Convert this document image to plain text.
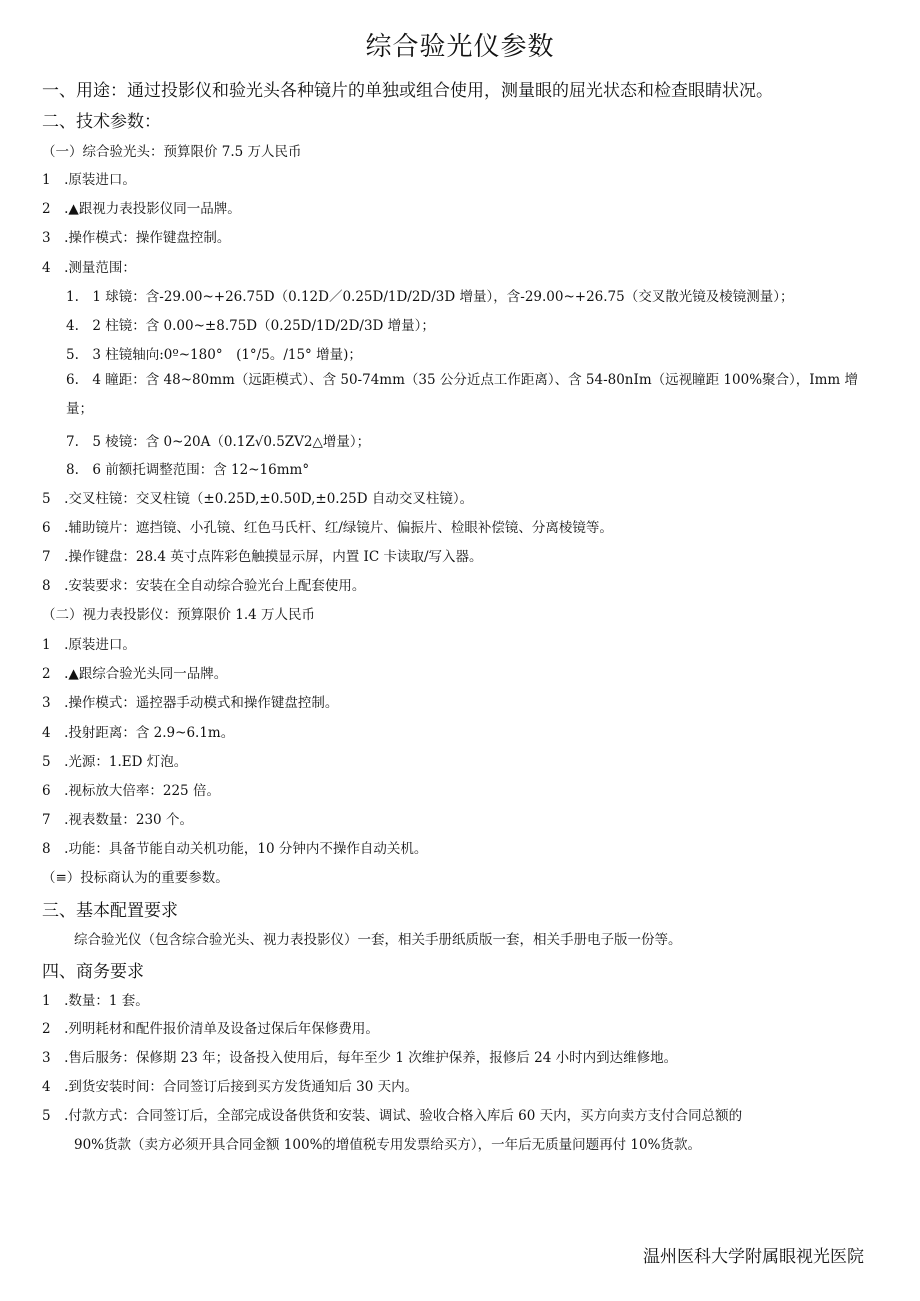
综合验光仪参数
一、用途：通过投影仪和验光头各种镜片的单独或组合使用，测量眼的屈光状态和检查眼睛状况。
二、技术参数：
（一）综合验光头：预算限价 7.5 万人民币
1　.原装进口。
2　.▲跟视力表投影仪同一品牌。
3　.操作模式：操作键盘控制。
4　.测量范围：
1.　1 球镜：含-29.00~+26.75D（0.12D／0.25D/1D/2D/3D 增量），含-29.00~+26.75（交叉散光镜及棱镜测量）；
4.　2 柱镜：含 0.00~±8.75D（0.25D/1D/2D/3D 增量）；
5.　3 柱镜轴向:0º~180°　(1°/5。/15° 增量)；
6.　4 瞳距：含 48~80mm（远距模式）、含 50-74mm（35 公分近点工作距离）、含 54-80nIm（远视瞳距 100%聚合），Imm 增量；
7.　5 棱镜：含 0~20A（0.1Z√0.5ZV2△增量）；
8.　6 前额托调整范围：含 12~16mm°
5　.交叉柱镜：交叉柱镜（±0.25D,±0.50D,±0.25D 自动交叉柱镜）。
6　.辅助镜片：遮挡镜、小孔镜、红色马氏杆、红/绿镜片、偏振片、检眼补偿镜、分离棱镜等。
7　.操作键盘：28.4 英寸点阵彩色触摸显示屏，内置 IC 卡读取/写入器。
8　.安装要求：安装在全自动综合验光台上配套使用。
（二）视力表投影仪：预算限价 1.4 万人民币
1　.原装进口。
2　.▲跟综合验光头同一品牌。
3　.操作模式：遥控器手动模式和操作键盘控制。
4　.投射距离：含 2.9~6.1m。
5　.光源：1.ED 灯泡。
6　.视标放大倍率：225 倍。
7　.视表数量：230 个。
8　.功能：具备节能自动关机功能，10 分钟内不操作自动关机。
（≡）投标商认为的重要参数。
三、基本配置要求
综合验光仪（包含综合验光头、视力表投影仪）一套，相关手册纸质版一套，相关手册电子版一份等。
四、商务要求
1　.数量：1 套。
2　.列明耗材和配件报价清单及设备过保后年保修费用。
3　.售后服务：保修期 23 年；设备投入使用后，每年至少 1 次维护保养，报修后 24 小时内到达维修地。
4　.到货安装时间：合同签订后接到买方发货通知后 30 天内。
5　.付款方式：合同签订后，全部完成设备供货和安装、调试、验收合格入库后 60 天内，买方向卖方支付合同总额的
90%货款（卖方必须开具合同金额 100%的增值税专用发票给买方），一年后无质量问题再付 10%货款。
温州医科大学附属眼视光医院
